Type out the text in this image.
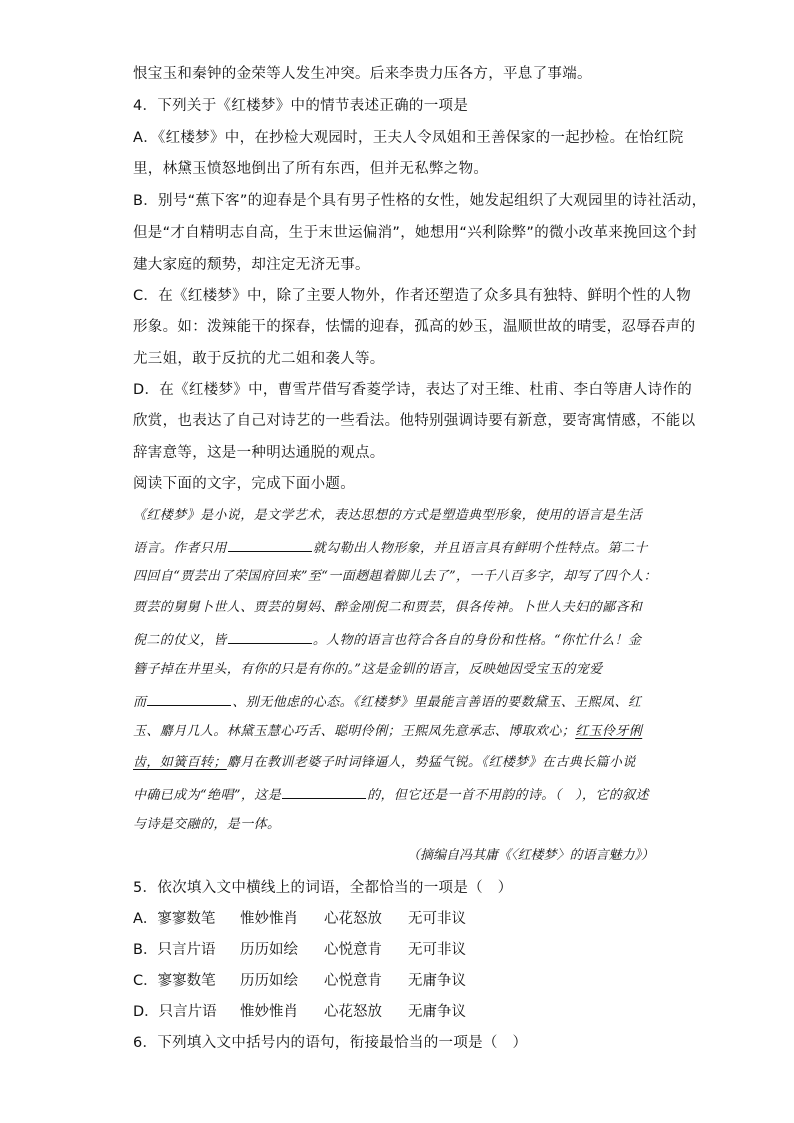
恨宝玉和秦钟的金荣等人发生冲突。后来李贵力压各方，平息了事端。
4．下列关于《红楼梦》中的情节表述正确的一项是
A．《红楼梦》中，在抄检大观园时，王夫人令凤姐和王善保家的一起抄检。在怡红院
里，林黛玉愤怒地倒出了所有东西，但并无私弊之物。
B．别号“蕉下客”的迎春是个具有男子性格的女性，她发起组织了大观园里的诗社活动，
但是“才自精明志自高，生于末世运偏消”，她想用“兴利除弊”的微小改革来挽回这个封
建大家庭的颓势，却注定无济无事。
C．在《红楼梦》中，除了主要人物外，作者还塑造了众多具有独特、鲜明个性的人物
形象。如：泼辣能干的探春，怯懦的迎春，孤高的妙玉，温顺世故的晴雯，忍辱吞声的
尤三姐，敢于反抗的尤二姐和袭人等。
D．在《红楼梦》中，曹雪芹借写香菱学诗，表达了对王维、杜甫、李白等唐人诗作的
欣赏，也表达了自己对诗艺的一些看法。他特别强调诗要有新意，要寄寓情感，不能以
辞害意等，这是一种明达通脱的观点。
阅读下面的文字，完成下面小题。
《红楼梦》是小说，是文学艺术，表达思想的方式是塑造典型形象，使用的语言是生活
语言。作者只用	就勾勒出人物形象，并且语言具有鲜明个性特点。第二十
四回自“贾芸出了荣国府回来”至“一面趔趄着脚儿去了”，一千八百多字，却写了四个人：
贾芸的舅舅卜世人、贾芸的舅妈、醉金刚倪二和贾芸，俱各传神。卜世人夫妇的鄙吝和
倪二的仗义，皆	。人物的语言也符合各自的身份和性格。“你忙什么！金
簪子掉在井里头，有你的只是有你的。”这是金钏的语言，反映她因受宝玉的宠爱
而	、别无他虑的心态。《红楼梦》里最能言善语的要数黛玉、王熙凤、红
玉、麝月几人。林黛玉慧心巧舌、聪明伶俐；王熙凤先意承志、博取欢心；红玉伶牙俐
齿，如簧百转；麝月在教训老婆子时词锋逼人，势猛气锐。《红楼梦》在古典长篇小说
中确已成为“绝唱”，这是	的，但它还是一首不用韵的诗。（　），它的叙述
与诗是交融的，是一体。
（摘编自冯其庸《〈红楼梦〉的语言魅力》）
5．依次填入文中横线上的词语，全都恰当的一项是（　）
A．寥寥数笔 惟妙惟肖 心花怒放 无可非议
B．只言片语 历历如绘 心悦意肯 无可非议
C．寥寥数笔 历历如绘 心悦意肯 无庸争议
D．只言片语 惟妙惟肖 心花怒放 无庸争议
6．下列填入文中括号内的语句，衔接最恰当的一项是（　）
